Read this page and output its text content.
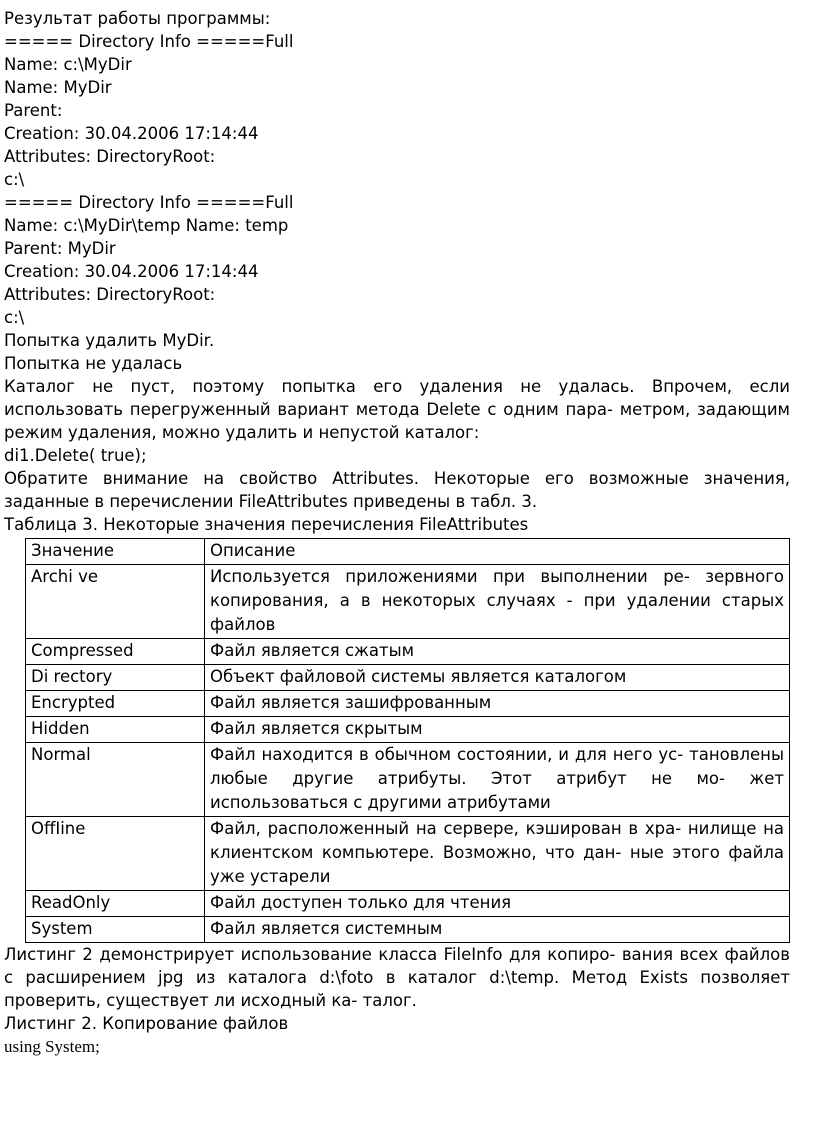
Результат работы программы:
===== Directory Info =====Full
Name: c:\MyDir
Name: MyDir
Parent:
Creation: 30.04.2006 17:14:44
Attributes: DirectoryRoot:
c:\
===== Directory Info =====Full
Name: c:\MyDir\temp Name: temp
Parent: MyDir
Creation: 30.04.2006 17:14:44
Attributes: DirectoryRoot:
c:\
Попытка удалить MyDir.
Попытка не удалась

Каталог не пуст, поэтому попытка его удаления не удалась. Впрочем, если использовать перегруженный вариант метода Delete с одним пара- метром, задающим режим удаления, можно удалить и непустой каталог:

di1.Delete( true);

Обратите внимание на свойство Attributes. Некоторые его возможные значения, заданные в перечислении FileAttributes приведены в табл. 3.

Таблица 3. Некоторые значения перечисления FileAttributes

Значение	Описание
Archi ve	Используется приложениями при выполнении ре- зервного копирования, а в некоторых случаях - при удалении старых файлов
Compressed	Файл является сжатым
Di rectory	Объект файловой системы является каталогом
Encrypted	Файл является зашифрованным
Hidden	Файл является скрытым
Normal	Файл находится в обычном состоянии, и для него ус- тановлены любые другие атрибуты. Этот атрибут не мо- жет использоваться с другими атрибутами
OffIine	Файл, расположенный на сервере, кэширован в хра- нилище на клиентском компьютере. Возможно, что дан- ные этого файла уже устарели
ReadOnly	Файл доступен только для чтения
System	Файл является системным

Листинг 2 демонстрирует использование класса FileInfo для копиро- вания всех файлов с расширением jpg из каталога d:\foto в каталог d:\temp. Метод Exists позволяет проверить, существует ли исходный ка- талог.

Листинг 2. Копирование файлов

using System;
